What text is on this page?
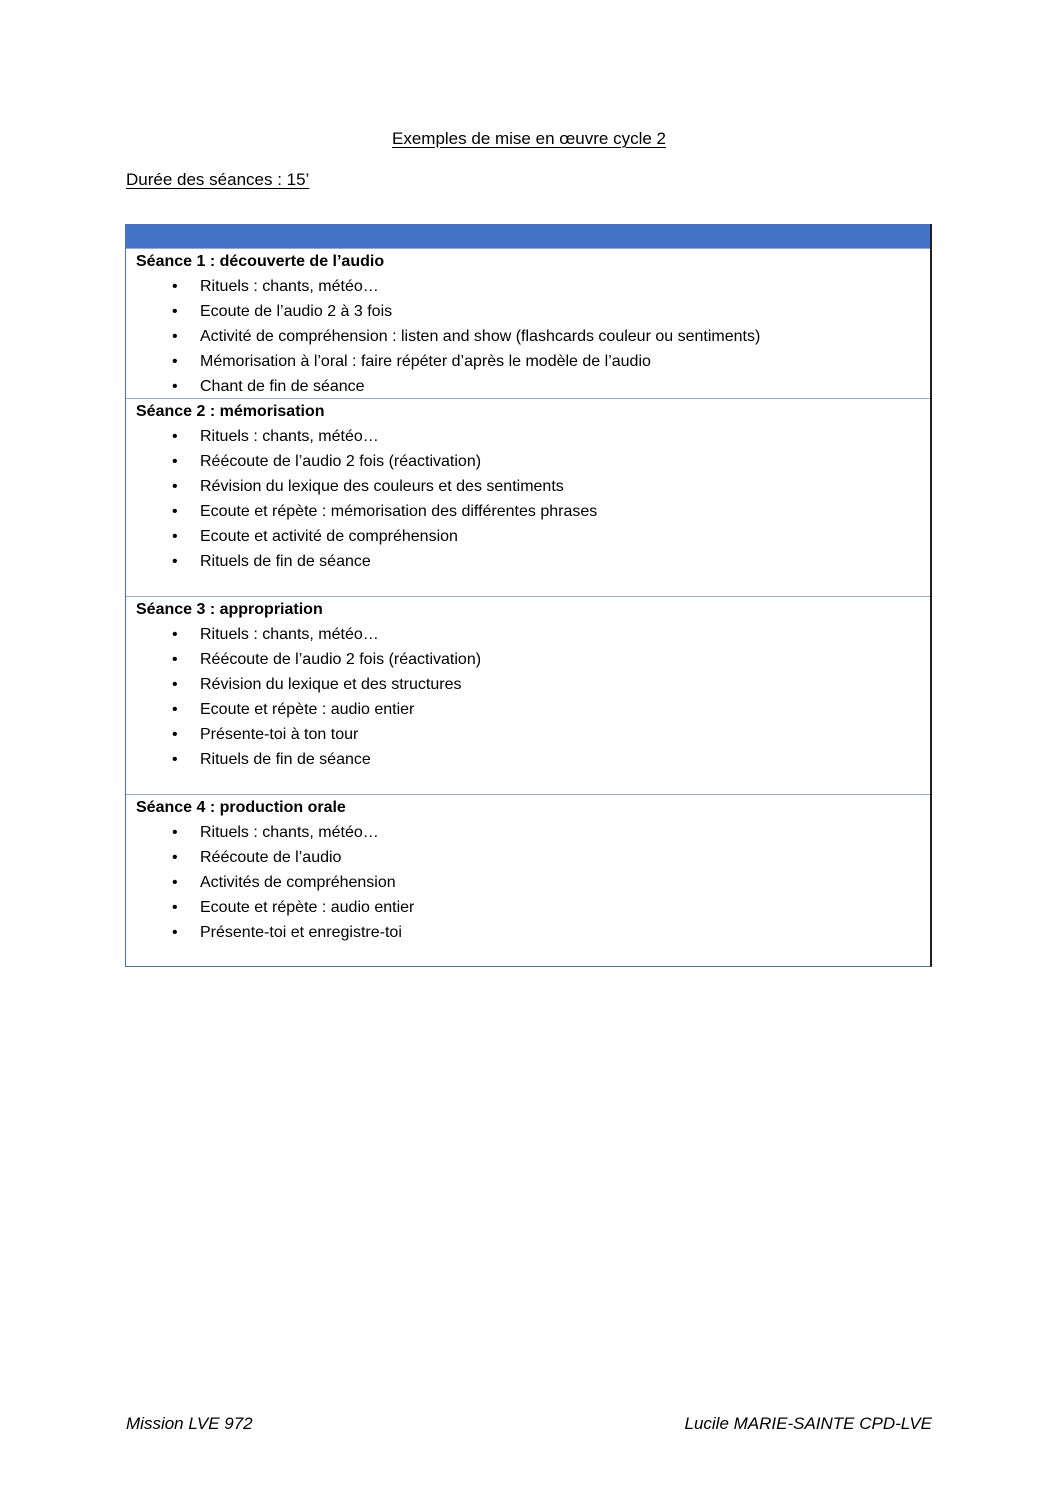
Exemples de mise en œuvre cycle 2
Durée des séances : 15’
Séance 1 : découverte de l’audio
• Rituels : chants, météo…
• Ecoute de l’audio 2 à 3 fois
• Activité de compréhension : listen and show (flashcards couleur ou sentiments)
• Mémorisation à l’oral : faire répéter d’après le modèle de l’audio
• Chant de fin de séance
Séance 2 : mémorisation
• Rituels : chants, météo…
• Réécoute de l’audio 2 fois (réactivation)
• Révision du lexique des couleurs et des sentiments
• Ecoute et répète : mémorisation des différentes phrases
• Ecoute et activité de compréhension
• Rituels de fin de séance
Séance 3 : appropriation
• Rituels : chants, météo…
• Réécoute de l’audio 2 fois (réactivation)
• Révision du lexique et des structures
• Ecoute et répète : audio entier
• Présente-toi à ton tour
• Rituels de fin de séance
Séance 4 : production orale
• Rituels : chants, météo…
• Réécoute de l’audio
• Activités de compréhension
• Ecoute et répète : audio entier
• Présente-toi et enregistre-toi
Mission LVE 972	Lucile MARIE-SAINTE CPD-LVE
